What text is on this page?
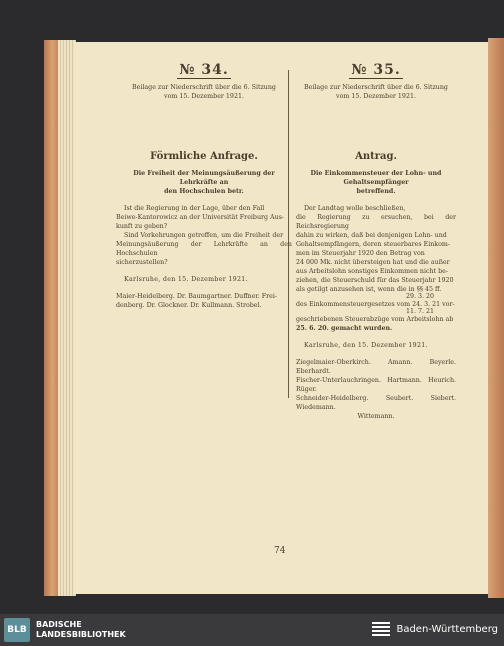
№ 34.
Beilage zur Niederschrift über die 6. Sitzung
vom 15. Dezember 1921.
Förmliche Anfrage.
Die Freiheit der Meinungsäußerung der Lehrkräfte an
den Hochschulen betr.
Ist die Regierung in der Lage, über den Fall
Beiwe-Kantorowicz an der Universität Freiburg Aus-
kunft zu geben?
Sind Vorkehrungen getroffen, um die Freiheit der
Meinungsäußerung der Lehrkräfte an den Hochschulen
sicherzustellen?
Karlsruhe, den 15. Dezember 1921.
Maier-Heidelberg. Dr. Baumgartner. Duffner. Frei-
denberg. Dr. Glockner. Dr. Kullmann. Strobel.
№ 35.
Beilage zur Niederschrift über die 6. Sitzung
vom 15. Dezember 1921.
Antrag.
Die Einkommensteuer der Lohn- und Gehaltsempfänger
betreffend.
Der Landtag wolle beschließen,
die Regierung zu ersuchen, bei der Reichsregierung
dahin zu wirken, daß bei denjenigen Lohn- und
Gehaltsempfängern, deren steuerbares Einkom-
men im Steuerjahr 1920 den Betrag von
24 000 Mk. nicht übersteigen hat und die außer
aus Arbeitslohn sonstiges Einkommen nicht be-
ziehen, die Steuerschuld für das Steuerjahr 1920
als getilgt anzusehen ist, wenn die in §§ 45 ff.
29. 3. 20
des Einkommensteuergesetzes vom 24. 3. 21 vor-
11. 7. 21
geschriebenen Steuerabzüge vom Arbeitslohn ab
25. 6. 20. gemacht wurden.
Karlsruhe, den 15. Dezember 1921.
Ziegelmaier-Oberkirch. Amann. Beyerle. Eberhardt.
Fischer-Unterlauchringen. Hartmann. Heurich. Rüger.
Schneider-Heidelberg. Seubert. Siebert. Wiedemann.
Wittemann.
74
BLB
BADISCHE
LANDESBIBLIOTHEK	Baden-Württemberg
